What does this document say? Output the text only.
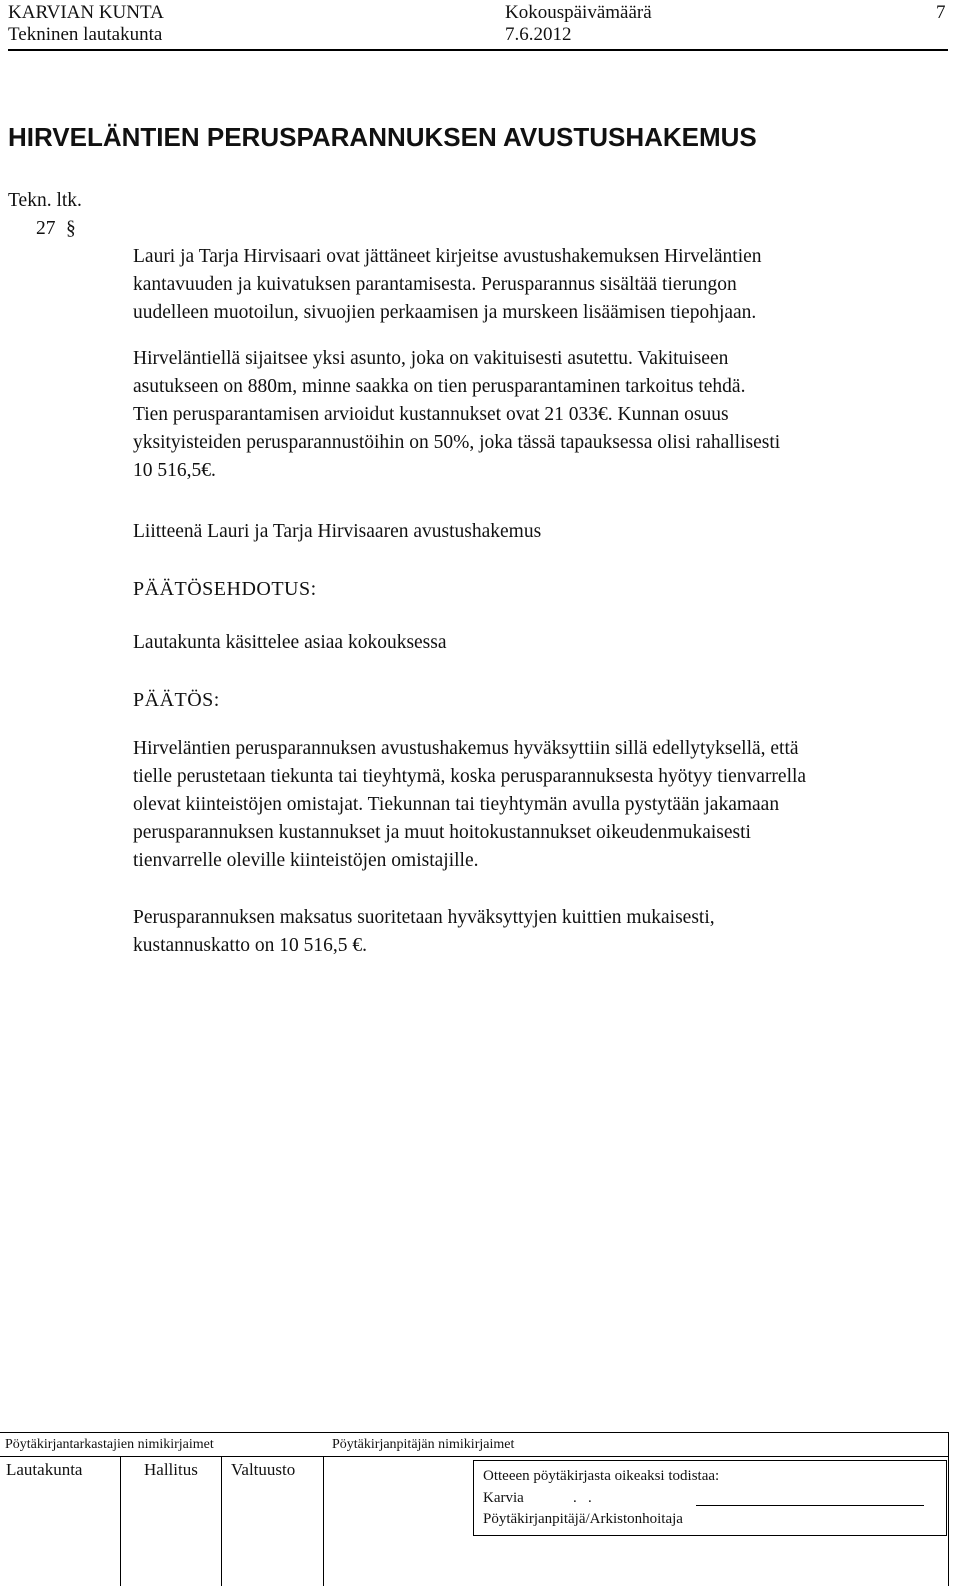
KARVIAN KUNTA
Tekninen lautakunta
Kokouspäivämäärä
7.6.2012
7
HIRVELÄNTIEN PERUSPARANNUKSEN AVUSTUSHAKEMUS
Tekn. ltk.
27 §
Lauri ja Tarja Hirvisaari ovat jättäneet kirjeitse avustushakemuksen Hirveläntien
kantavuuden ja kuivatuksen parantamisesta. Perusparannus sisältää tierungon
uudelleen muotoilun, sivuojien perkaamisen ja murskeen lisäämisen tiepohjaan.
Hirveläntiellä sijaitsee yksi asunto, joka on vakituisesti asutettu. Vakituiseen
asutukseen on 880m, minne saakka on tien perusparantaminen tarkoitus tehdä.
Tien perusparantamisen arvioidut kustannukset ovat 21 033€. Kunnan osuus
yksityisteiden perusparannustöihin on 50%, joka tässä tapauksessa olisi rahallisesti
10 516,5€.
Liitteenä Lauri ja Tarja Hirvisaaren avustushakemus
PÄÄTÖSEHDOTUS:
Lautakunta käsittelee asiaa kokouksessa
PÄÄTÖS:
Hirveläntien perusparannuksen avustushakemus hyväksyttiin sillä edellytyksellä, että
tielle perustetaan tiekunta tai tieyhtymä, koska perusparannuksesta hyötyy tienvarrella
olevat kiinteistöjen omistajat. Tiekunnan tai tieyhtymän avulla pystytään jakamaan
perusparannuksen kustannukset ja muut hoitokustannukset oikeudenmukaisesti
tienvarrelle oleville kiinteistöjen omistajille.
Perusparannuksen maksatus suoritetaan hyväksyttyjen kuittien mukaisesti,
kustannuskatto on 10 516,5 €.
Pöytäkirjantarkastajien nimikirjaimet	Pöytäkirjanpitäjän nimikirjaimet
Lautakunta	Hallitus Valtuusto	Otteeen pöytäkirjasta oikeaksi todistaa:
Karvia	.   .
Pöytäkirjanpitäjä/Arkistonhoitaja
